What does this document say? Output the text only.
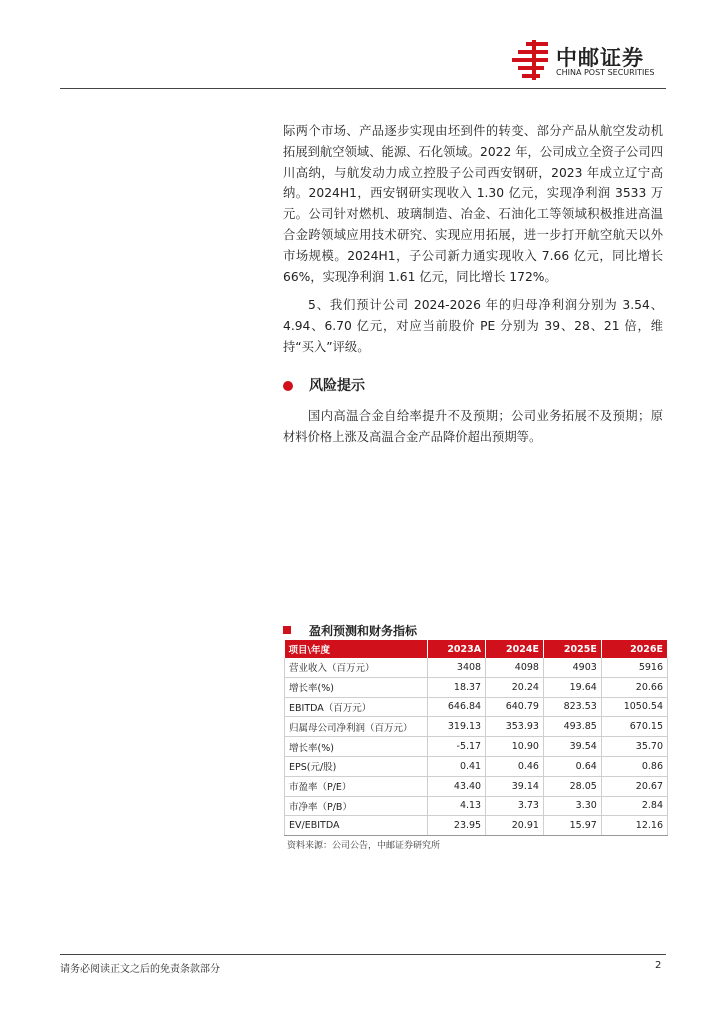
中邮证券
CHINA POST SECURITIES

际两个市场、产品逐步实现由坯到件的转变、部分产品从航空发动机拓展到航空领域、能源、石化领域。2022 年，公司成立全资子公司四川高纳，与航发动力成立控股子公司西安钢研，2023 年成立辽宁高纳。2024H1，西安钢研实现收入 1.30 亿元，实现净利润 3533 万元。公司针对燃机、玻璃制造、冶金、石油化工等领域积极推进高温合金跨领域应用技术研究、实现应用拓展，进一步打开航空航天以外市场规模。2024H1，子公司新力通实现收入 7.66 亿元，同比增长 66%，实现净利润 1.61 亿元，同比增长 172%。

5、我们预计公司 2024-2026 年的归母净利润分别为 3.54、4.94、6.70 亿元，对应当前股价 PE 分别为 39、28、21 倍，维持“买入”评级。

风险提示

国内高温合金自给率提升不及预期；公司业务拓展不及预期；原材料价格上涨及高温合金产品降价超出预期等。

盈利预测和财务指标
项目\年度	2023A	2024E	2025E	2026E
营业收入（百万元）	3408	4098	4903	5916
增长率(%)	18.37	20.24	19.64	20.66
EBITDA（百万元）	646.84	640.79	823.53	1050.54
归属母公司净利润（百万元）	319.13	353.93	493.85	670.15
增长率(%)	-5.17	10.90	39.54	35.70
EPS(元/股)	0.41	0.46	0.64	0.86
市盈率（P/E）	43.40	39.14	28.05	20.67
市净率（P/B）	4.13	3.73	3.30	2.84
EV/EBITDA	23.95	20.91	15.97	12.16
资料来源：公司公告，中邮证券研究所
请务必阅读正文之后的免责条款部分	2
